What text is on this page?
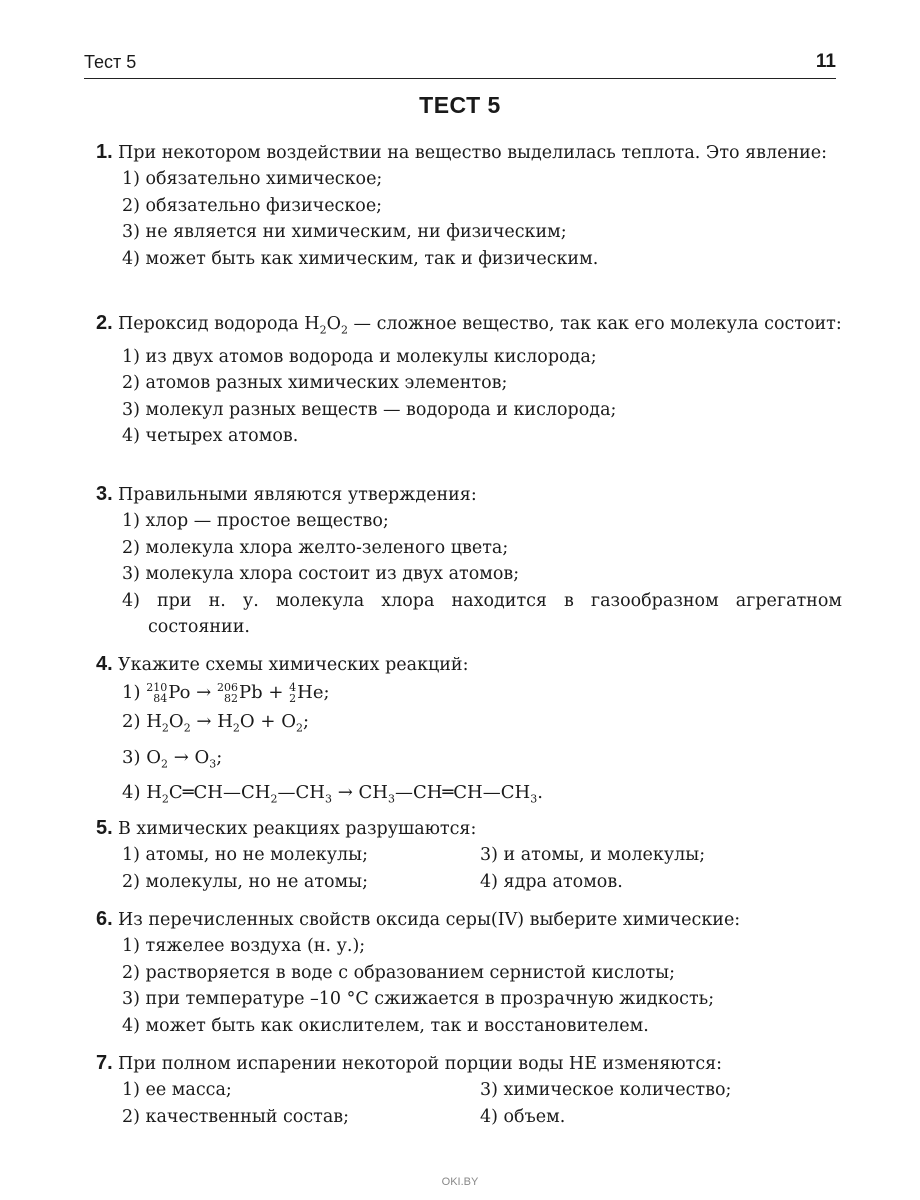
Тест 5	11
ТЕСТ 5
1. При некотором воздействии на вещество выделилась теплота. Это явление:
1) обязательно химическое;
2) обязательно физическое;
3) не является ни химическим, ни физическим;
4) может быть как химическим, так и физическим.
2. Пероксид водорода $H_2O_2$ — сложное вещество, так как его молекула состоит:
1) из двух атомов водорода и молекулы кислорода;
2) атомов разных химических элементов;
3) молекул разных веществ — водорода и кислорода;
4) четырех атомов.
3. Правильными являются утверждения:
1) хлор — простое вещество;
2) молекула хлора желто-зеленого цвета;
3) молекула хлора состоит из двух атомов;
4) при н. у. молекула хлора находится в газообразном агрегатном состоянии.
4. Укажите схемы химических реакций:
1) 210
84 Po → 206
82 Pb + 4
2 He;
2) $H_2O_2 \to H_2O + O_2$;
3) $O_2 \to O_3$;
4) $H_2C═CH—CH_2—CH_3$ → $CH_3—CH═CH—CH_3$.
5. В химических реакциях разрушаются:
1) атомы, но не молекулы;	3) и атомы, и молекулы;
2) молекулы, но не атомы;	4) ядра атомов.
6. Из перечисленных свойств оксида серы(IV) выберите химические:
1) тяжелее воздуха (н. у.);
2) растворяется в воде с образованием сернистой кислоты;
3) при температуре –10 °C сжижается в прозрачную жидкость;
4) может быть как окислителем, так и восстановителем.
7. При полном испарении некоторой порции воды НЕ изменяются:
1) ее масса;	3) химическое количество;
2) качественный состав;	4) объем.
OKI.BY
